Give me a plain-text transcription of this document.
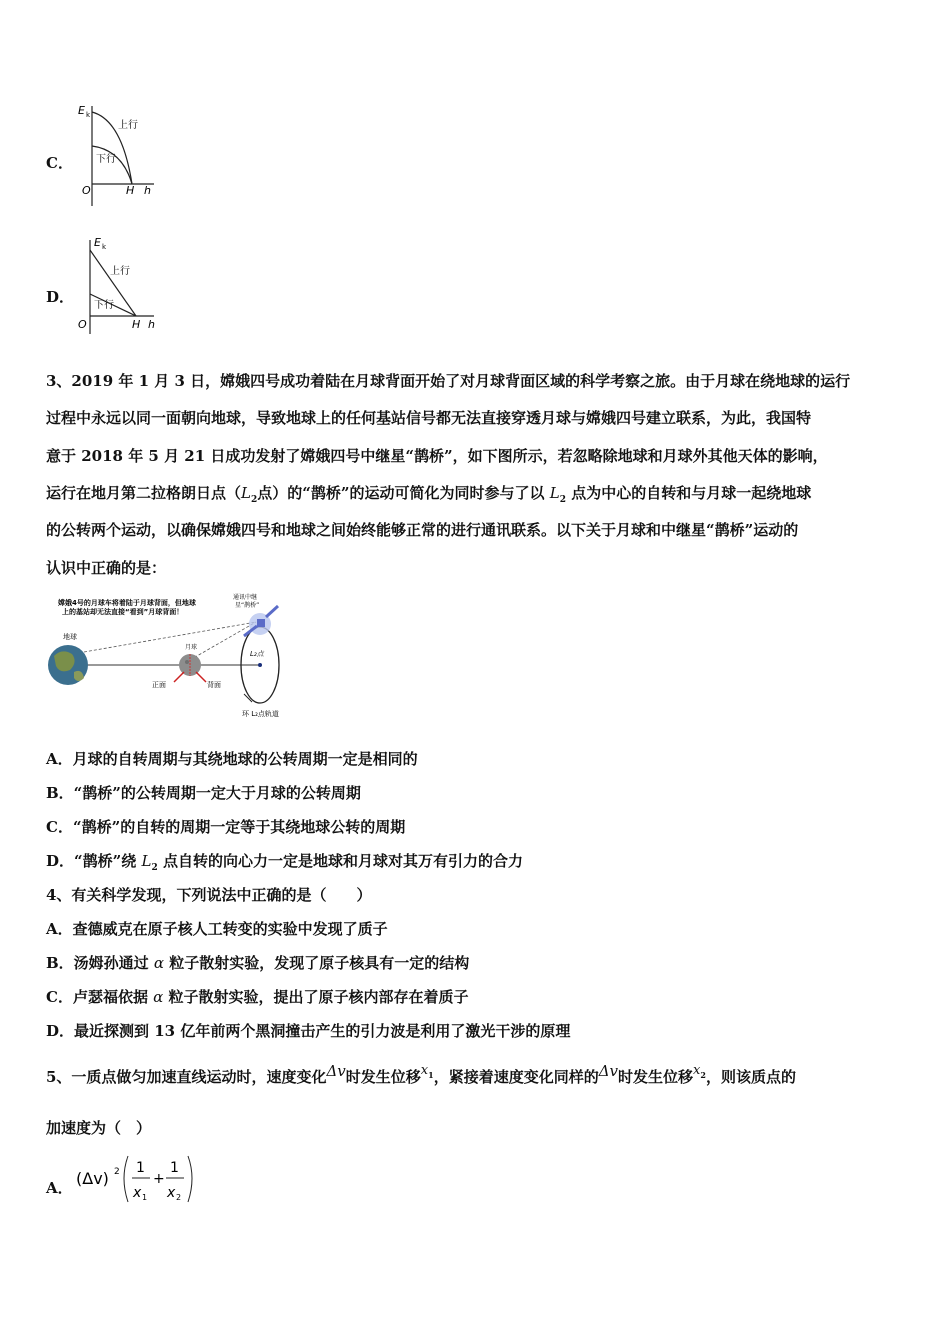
C．
E k
上行
下行
O	H h
D．
E k
上行
下行
O	H h
3、2019 年 1 月 3 日，嫦娥四号成功着陆在月球背面开始了对月球背面区域的科学考察之旅。由于月球在绕地球的运行
过程中永远以同一面朝向地球，导致地球上的任何基站信号都无法直接穿透月球与嫦娥四号建立联系，为此，我国特
意于 2018 年 5 月 21 日成功发射了嫦娥四号中继星“鹊桥”，如下图所示，若忽略除地球和月球外其他天体的影响，
运行在地月第二拉格朗日点（$L_2$点）的“鹊桥”的运动可简化为同时参与了以 $L_2$ 点为中心的自转和与月球一起绕地球
的公转两个运动，以确保嫦娥四号和地球之间始终能够正常的进行通讯联系。以下关于月球和中继星“鹊桥”运动的
认识中正确的是：
嫦娥4号的月球车将着陆于月球背面，但地球
上的基站却无法直接“看到”月球背面！
通讯中继
星“鹊桥”
地球
月球
正面	背面
L₂点
环 L₂点轨道
A．月球的自转周期与其绕地球的公转周期一定是相同的
B．“鹊桥”的公转周期一定大于月球的公转周期
C．“鹊桥”的自转的周期一定等于其绕地球公转的周期
D．“鹊桥”绕 $L_2$ 点自转的向心力一定是地球和月球对其万有引力的合力
4、有关科学发现，下列说法中正确的是（　　）
A．查德威克在原子核人工转变的实验中发现了质子
B．汤姆孙通过 α 粒子散射实验，发现了原子核具有一定的结构
C．卢瑟福依据 α 粒子散射实验，提出了原子核内部存在着质子
D．最近探测到 13 亿年前两个黑洞撞击产生的引力波是利用了激光干涉的原理
5、一质点做匀加速直线运动时，速度变化Δv时发生位移$x_1$，紧接着速度变化同样的Δv时发生位移$x_2$，则该质点的
加速度为（　）
A． (Δv) 2 1
x 1
+
1
x 2
